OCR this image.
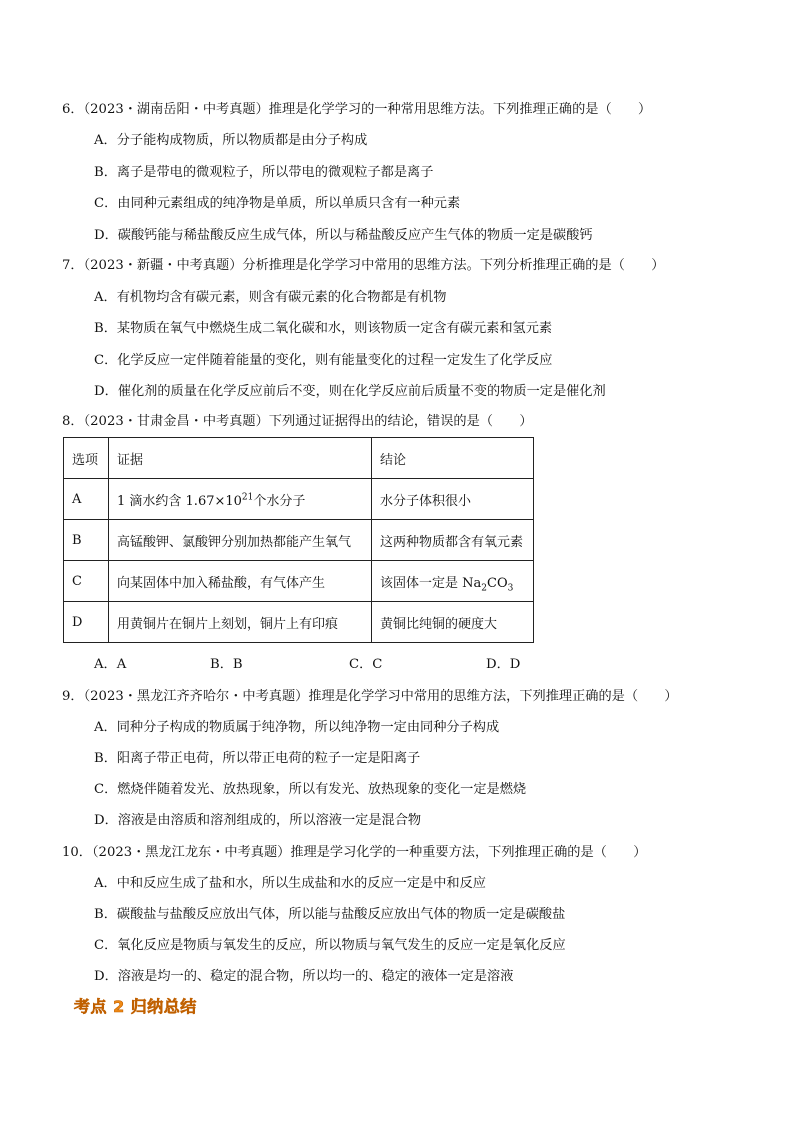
6．（2023・湖南岳阳・中考真题）推理是化学学习的一种常用思维方法。下列推理正确的是（　　）
A．分子能构成物质，所以物质都是由分子构成
B．离子是带电的微观粒子，所以带电的微观粒子都是离子
C．由同种元素组成的纯净物是单质，所以单质只含有一种元素
D．碳酸钙能与稀盐酸反应生成气体，所以与稀盐酸反应产生气体的物质一定是碳酸钙
7．（2023・新疆・中考真题）分析推理是化学学习中常用的思维方法。下列分析推理正确的是（　　）
A．有机物均含有碳元素，则含有碳元素的化合物都是有机物
B．某物质在氧气中燃烧生成二氧化碳和水，则该物质一定含有碳元素和氢元素
C．化学反应一定伴随着能量的变化，则有能量变化的过程一定发生了化学反应
D．催化剂的质量在化学反应前后不变，则在化学反应前后质量不变的物质一定是催化剂
8．（2023・甘肃金昌・中考真题）下列通过证据得出的结论，错误的是（　　）
选项	证据	结论
A	1 滴水约含 $1.67\times 10^{21}$个水分子	水分子体积很小
B	高锰酸钾、氯酸钾分别加热都能产生氧气	这两种物质都含有氧元素
C	向某固体中加入稀盐酸，有气体产生	该固体一定是 $Na_2CO_3$
D	用黄铜片在铜片上刻划，铜片上有印痕	黄铜比纯铜的硬度大
A．A	B．B	C．C	D．D
9．（2023・黑龙江齐齐哈尔・中考真题）推理是化学学习中常用的思维方法，下列推理正确的是（　　）
A．同种分子构成的物质属于纯净物，所以纯净物一定由同种分子构成
B．阳离子带正电荷，所以带正电荷的粒子一定是阳离子
C．燃烧伴随着发光、放热现象，所以有发光、放热现象的变化一定是燃烧
D．溶液是由溶质和溶剂组成的，所以溶液一定是混合物
10．（2023・黑龙江龙东・中考真题）推理是学习化学的一种重要方法，下列推理正确的是（　　）
A．中和反应生成了盐和水，所以生成盐和水的反应一定是中和反应
B．碳酸盐与盐酸反应放出气体，所以能与盐酸反应放出气体的物质一定是碳酸盐
C．氧化反应是物质与氧发生的反应，所以物质与氧气发生的反应一定是氧化反应
D．溶液是均一的、稳定的混合物，所以均一的、稳定的液体一定是溶液
考点 2 归纳总结
